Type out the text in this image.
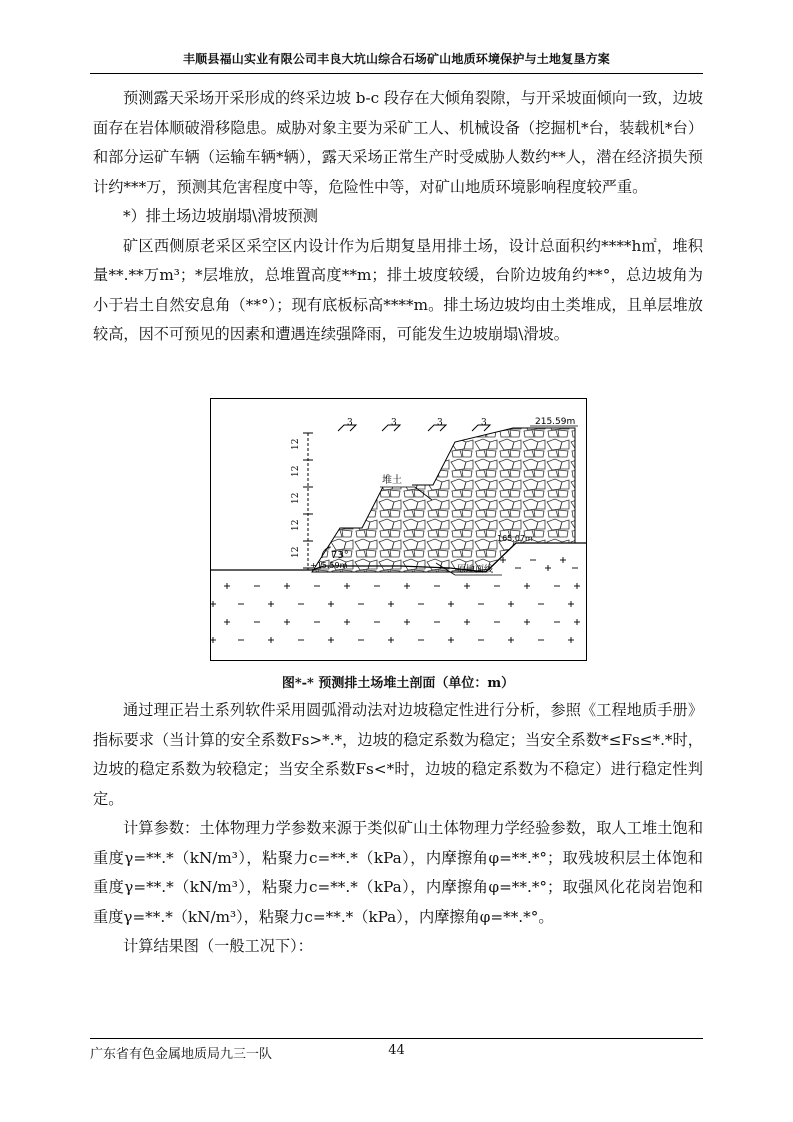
丰顺县福山实业有限公司丰良大坑山综合石场矿山地质环境保护与土地复垦方案

预测露天采场开采形成的终采边坡 b-c 段存在大倾角裂隙，与开采坡面倾向一致，边坡面存在岩体顺破滑移隐患。威胁对象主要为采矿工人、机械设备（挖掘机*台，装载机*台）和部分运矿车辆（运输车辆*辆），露天采场正常生产时受威胁人数约**人，潜在经济损失预计约***万，预测其危害程度中等，危险性中等，对矿山地质环境影响程度较严重。

*）排土场边坡崩塌\滑坡预测

矿区西侧原老采区采空区内设计作为后期复垦用排土场，设计总面积约****h㎡，堆积量**.**万m³；*层堆放，总堆置高度**m；排土坡度较缓，台阶边坡角约**°，总边坡角为小于岩土自然安息角（**°）；现有底板标高****m。排土场边坡均由土类堆成，且单层堆放较高，因不可预见的因素和遭遇连续强降雨，可能发生边坡崩塌\滑坡。

12
12
12
12
12
3	3	3	3	215.59m
165.07m
+15.59m
73°
堆土
原地面线
图*-* 预测排土场堆土剖面（单位：m）

通过理正岩土系列软件采用圆弧滑动法对边坡稳定性进行分析，参照《工程地质手册》指标要求（当计算的安全系数Fs>*.*，边坡的稳定系数为稳定；当安全系数*≤Fs≤*.*时，边坡的稳定系数为较稳定；当安全系数Fs<*时，边坡的稳定系数为不稳定）进行稳定性判定。

计算参数：土体物理力学参数来源于类似矿山土体物理力学经验参数，取人工堆土饱和重度γ=**.*（kN/m³），粘聚力c=**.*（kPa），内摩擦角φ=**.*°；取残坡积层土体饱和重度γ=**.*（kN/m³），粘聚力c=**.*（kPa），内摩擦角φ=**.*°；取强风化花岗岩饱和重度γ=**.*（kN/m³），粘聚力c=**.*（kPa），内摩擦角φ=**.*°。

计算结果图（一般工况下）：

广东省有色金属地质局九三一队	44
